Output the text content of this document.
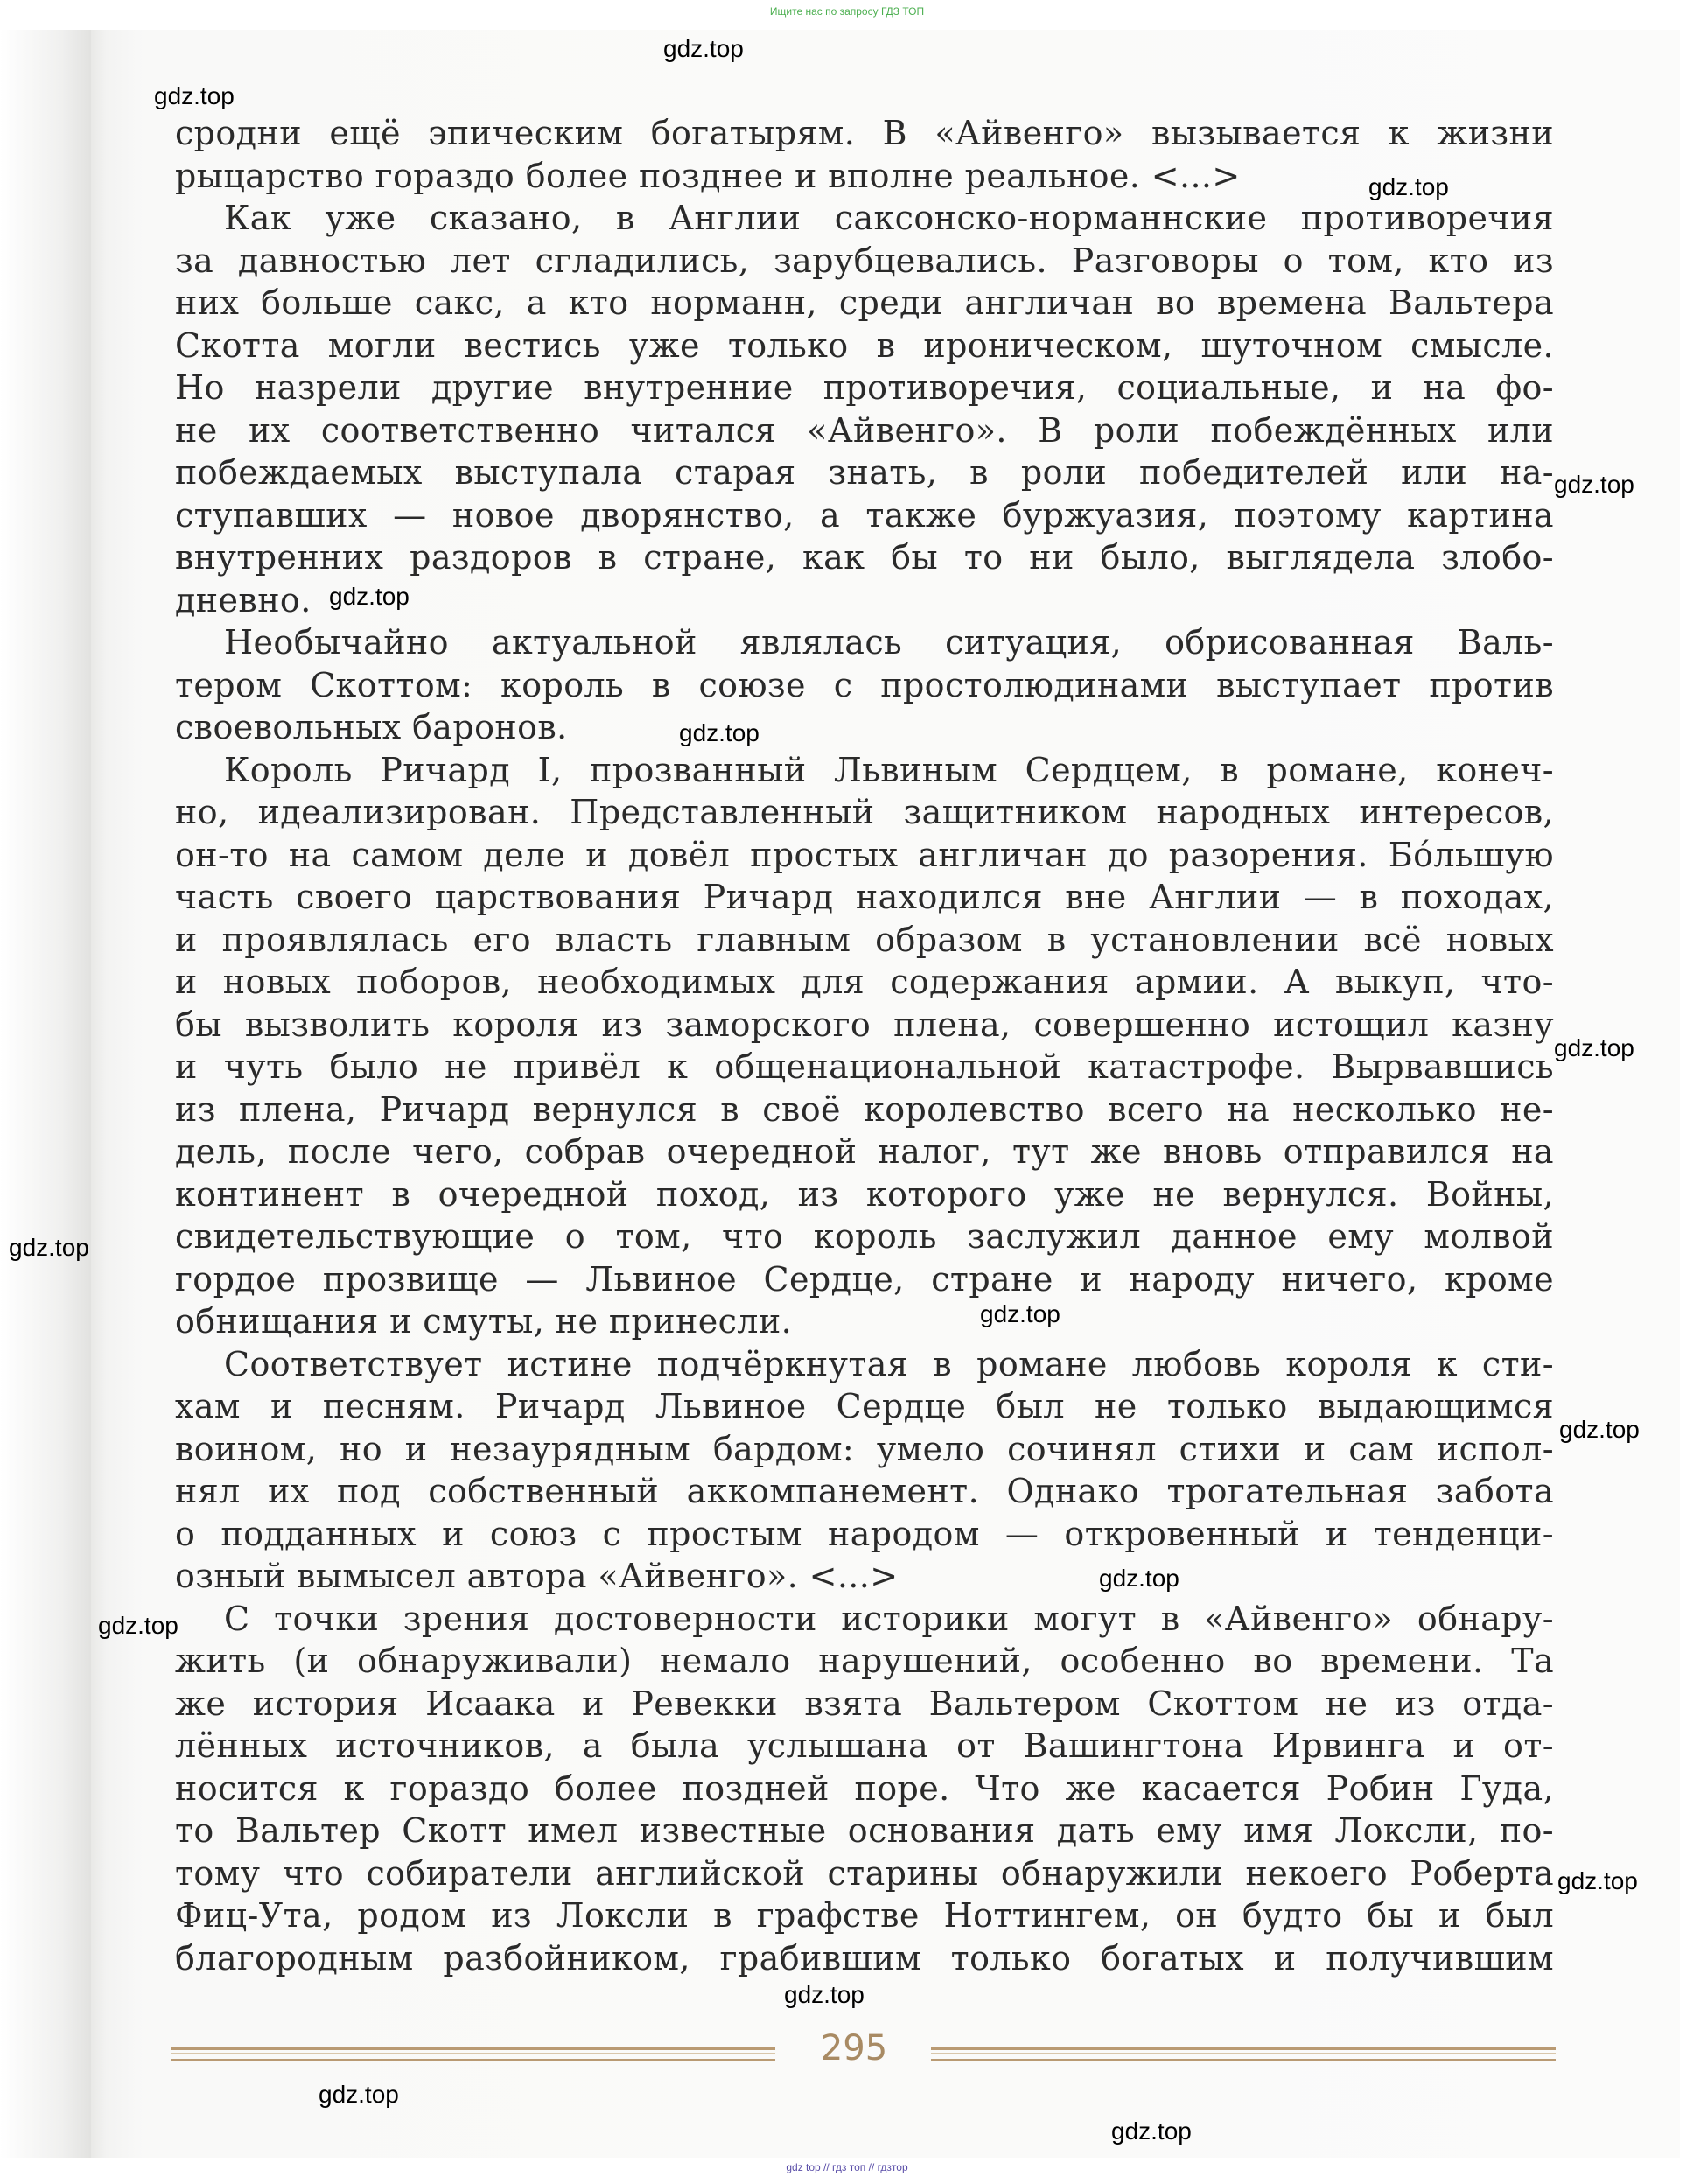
Ищите нас по запросу ГДЗ ТОП
сродни ещё эпическим богатырям. В «Айвенго» вызывается к жизни
рыцарство гораздо более позднее и вполне реальное. <...>
Как уже сказано, в Англии саксонско-норманнские противоречия
за давностью лет сгладились, зарубцевались. Разговоры о том, кто из
них больше сакс, а кто норманн, среди англичан во времена Вальтера
Скотта могли вестись уже только в ироническом, шуточном смысле.
Но назрели другие внутренние противоречия, социальные, и на фо-
не их соответственно читался «Айвенго». В роли побеждённых или
побеждаемых выступала старая знать, в роли победителей или на-
ступавших — новое дворянство, а также буржуазия, поэтому картина
внутренних раздоров в стране, как бы то ни было, выглядела злобо-
дневно.
Необычайно актуальной являлась ситуация, обрисованная Валь-
тером Скоттом: король в союзе с простолюдинами выступает против
своевольных баронов.
Король Ричард I, прозванный Львиным Сердцем, в романе, конеч-
но, идеализирован. Представленный защитником народных интересов,
он-то на самом деле и довёл простых англичан до разорения. Бо́льшую
часть своего царствования Ричард находился вне Англии — в походах,
и проявлялась его власть главным образом в установлении всё новых
и новых поборов, необходимых для содержания армии. А выкуп, что-
бы вызволить короля из заморского плена, совершенно истощил казну
и чуть было не привёл к общенациональной катастрофе. Вырвавшись
из плена, Ричард вернулся в своё королевство всего на несколько не-
дель, после чего, собрав очередной налог, тут же вновь отправился на
континент в очередной поход, из которого уже не вернулся. Войны,
свидетельствующие о том, что король заслужил данное ему молвой
гордое прозвище — Львиное Сердце, стране и народу ничего, кроме
обнищания и смуты, не принесли.
Соответствует истине подчёркнутая в романе любовь короля к сти-
хам и песням. Ричард Львиное Сердце был не только выдающимся
воином, но и незаурядным бардом: умело сочинял стихи и сам испол-
нял их под собственный аккомпанемент. Однако трогательная забота
о подданных и союз с простым народом — откровенный и тенденци-
озный вымысел автора «Айвенго». <...>
С точки зрения достоверности историки могут в «Айвенго» обнару-
жить (и обнаруживали) немало нарушений, особенно во времени. Та
же история Исаака и Ревекки взята Вальтером Скоттом не из отда-
лённых источников, а была услышана от Вашингтона Ирвинга и от-
носится к гораздо более поздней поре. Что же касается Робин Гуда,
то Вальтер Скотт имел известные основания дать ему имя Локсли, по-
тому что собиратели английской старины обнаружили некоего Роберта
Фиц-Ута, родом из Локсли в графстве Ноттингем, он будто бы и был
благородным разбойником, грабившим только богатых и получившим
gdz.top
gdz.top
gdz.top
gdz.top
gdz.top
gdz.top
gdz.top
gdz.top
gdz.top
gdz.top
gdz.top
gdz.top
gdz.top
gdz.top
gdz.top
gdz.top
295
gdz top // гдз топ // гдзтор
